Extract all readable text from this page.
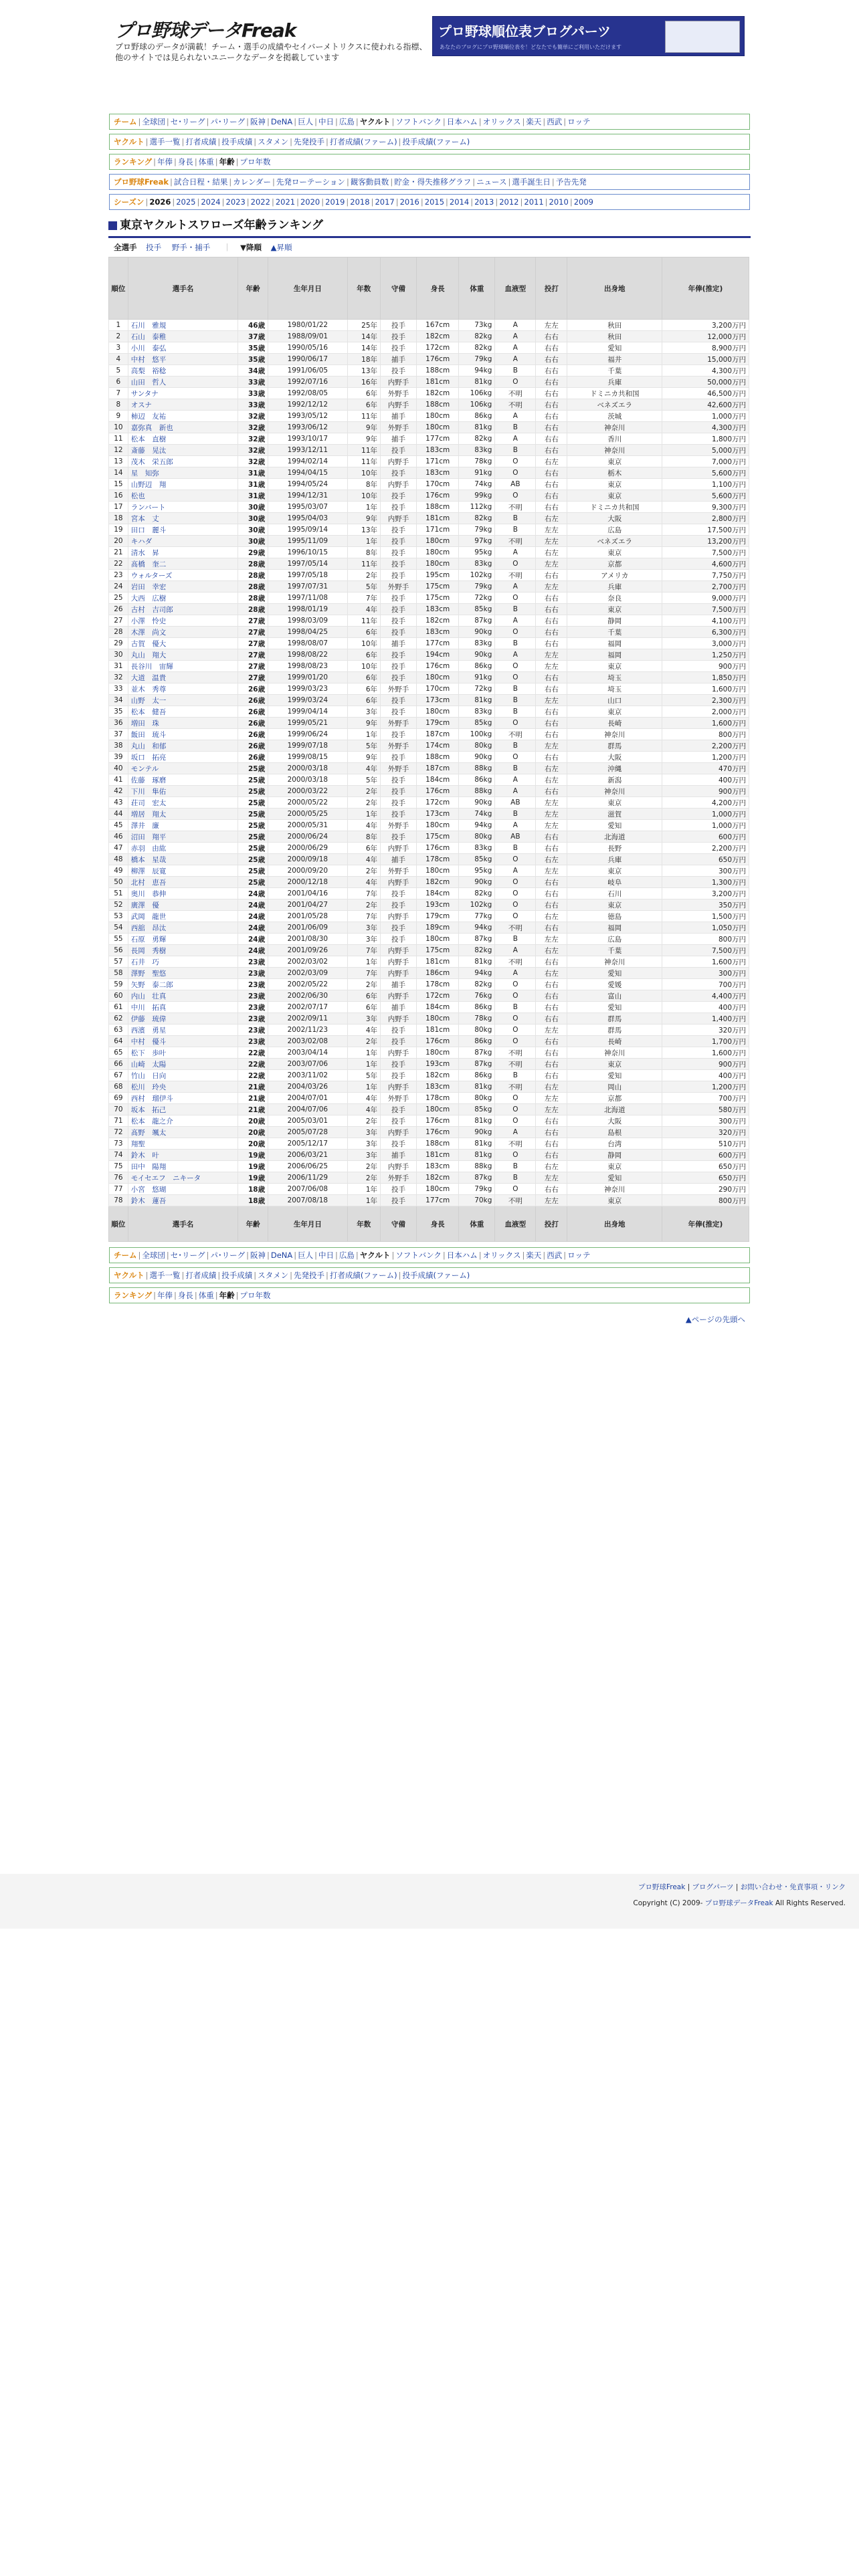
プロ野球データFreak
プロ野球のデータが満載！チーム・選手の成績やセイバーメトリクスに使われる指標、他のサイトでは見られないユニークなデータを掲載しています
プロ野球順位表ブログパーツ
あなたのブログにプロ野球順位表を！どなたでも簡単にご利用いただけます
チーム | 全球団 | セ･リーグ | パ･リーグ | 阪神 | DeNA | 巨人 | 中日 | 広島 | ヤクルト | ソフトバンク | 日本ハム | オリックス | 楽天 | 西武 | ロッテ
ヤクルト | 選手一覧 | 打者成績 | 投手成績 | スタメン | 先発投手 | 打者成績(ファーム) | 投手成績(ファーム)
ランキング | 年俸 | 身長 | 体重 | 年齢 | プロ年数
プロ野球Freak | 試合日程・結果 | カレンダー | 先発ローテーション | 観客動員数 | 貯金・得失推移グラフ | ニュース | 選手誕生日 | 予告先発
シーズン | 2026 | 2025 | 2024 | 2023 | 2022 | 2021 | 2020 | 2019 | 2018 | 2017 | 2016 | 2015 | 2014 | 2013 | 2012 | 2011 | 2010 | 2009
東京ヤクルトスワローズ年齢ランキング
全選手 投手 野手・捕手 ｜ ▼降順 ▲昇順
順位	選手名	年齢	生年月日	年数	守備	身長	体重	血液型	投打	出身地	年俸(推定)
1	石川　雅規	46歳	1980/01/22	25年	投手	167cm	73kg	A	左左	秋田	3,200万円
2	石山　泰稚	37歳	1988/09/01	14年	投手	182cm	82kg	A	右右	秋田	12,000万円
3	小川　泰弘	35歳	1990/05/16	14年	投手	172cm	82kg	A	右右	愛知	8,900万円
4	中村　悠平	35歳	1990/06/17	18年	捕手	176cm	79kg	A	右右	福井	15,000万円
5	高梨　裕稔	34歳	1991/06/05	13年	投手	188cm	94kg	B	右右	千葉	4,300万円
6	山田　哲人	33歳	1992/07/16	16年	内野手	181cm	81kg	O	右右	兵庫	50,000万円
7	サンタナ	33歳	1992/08/05	6年	外野手	182cm	106kg	不明	右右	ドミニカ共和国	46,500万円
8	オスナ	33歳	1992/12/12	6年	内野手	188cm	106kg	不明	右右	ベネズエラ	42,600万円
9	柿辺　友祐	32歳	1993/05/12	11年	捕手	180cm	86kg	A	右右	茨城	1,000万円
10	嘉弥真　新也	32歳	1993/06/12	9年	外野手	180cm	81kg	B	右右	神奈川	4,300万円
11	松本　直樹	32歳	1993/10/17	9年	捕手	177cm	82kg	A	右右	香川	1,800万円
12	斎藤　晃汰	32歳	1993/12/11	11年	投手	183cm	83kg	B	右右	神奈川	5,000万円
13	茂木　栄五郎	32歳	1994/02/14	11年	内野手	171cm	78kg	O	右左	東京	7,000万円
14	星　知弥	31歳	1994/04/15	10年	投手	183cm	91kg	O	右右	栃木	5,600万円
15	山野辺　翔	31歳	1994/05/24	8年	内野手	170cm	74kg	AB	右右	東京	1,100万円
16	松也	31歳	1994/12/31	10年	投手	176cm	99kg	O	右右	東京	5,600万円
17	ランバート	30歳	1995/03/07	1年	投手	188cm	112kg	不明	右右	ドミニカ共和国	9,300万円
18	宮本　丈	30歳	1995/04/03	9年	内野手	181cm	82kg	B	右左	大阪	2,800万円
19	田口　麗斗	30歳	1995/09/14	13年	投手	171cm	79kg	B	左左	広島	17,500万円
20	キハダ	30歳	1995/11/09	1年	投手	180cm	97kg	不明	左左	ベネズエラ	13,200万円
21	清水　昇	29歳	1996/10/15	8年	投手	180cm	95kg	A	右左	東京	7,500万円
22	髙橋　奎二	28歳	1997/05/14	11年	投手	180cm	83kg	O	左左	京都	4,600万円
23	ウォルターズ	28歳	1997/05/18	2年	投手	195cm	102kg	不明	右右	アメリカ	7,750万円
24	岩田　幸宏	28歳	1997/07/31	5年	外野手	175cm	79kg	A	左左	兵庫	2,700万円
25	大西　広樹	28歳	1997/11/08	7年	投手	175cm	72kg	O	右右	奈良	9,000万円
26	古村　吉司郎	28歳	1998/01/19	4年	投手	183cm	85kg	B	右右	東京	7,500万円
27	小澤　怜史	27歳	1998/03/09	11年	投手	182cm	87kg	A	右右	静岡	4,100万円
28	木澤　尚文	27歳	1998/04/25	6年	投手	183cm	90kg	O	右右	千葉	6,300万円
29	古賀　優大	27歳	1998/08/07	10年	捕手	177cm	83kg	B	右右	福岡	3,000万円
30	丸山　翔大	27歳	1998/08/22	6年	投手	194cm	90kg	A	左左	福岡	1,250万円
31	長谷川　宙輝	27歳	1998/08/23	10年	投手	176cm	86kg	O	左左	東京	900万円
32	大道　温貴	27歳	1999/01/20	6年	投手	180cm	91kg	O	右右	埼玉	1,850万円
33	並木　秀尊	26歳	1999/03/23	6年	外野手	170cm	72kg	B	右右	埼玉	1,600万円
34	山野　太一	26歳	1999/03/24	6年	投手	173cm	81kg	B	左左	山口	2,300万円
35	松本　健吾	26歳	1999/04/14	3年	投手	180cm	83kg	B	右右	東京	2,000万円
36	増田　珠	26歳	1999/05/21	9年	外野手	179cm	85kg	O	右右	長崎	1,600万円
37	飯田　琉斗	26歳	1999/06/24	1年	投手	187cm	100kg	不明	右右	神奈川	800万円
38	丸山　和郁	26歳	1999/07/18	5年	外野手	174cm	80kg	B	左左	群馬	2,200万円
39	坂口　拓亮	26歳	1999/08/15	9年	投手	188cm	90kg	O	右右	大阪	1,200万円
40	モンテル	25歳	2000/03/18	4年	外野手	187cm	88kg	B	右左	沖縄	470万円
41	佐藤　琢磨	25歳	2000/03/18	5年	投手	184cm	86kg	A	右左	新潟	400万円
42	下川　隼佑	25歳	2000/03/22	2年	投手	176cm	88kg	A	右右	神奈川	900万円
43	荘司　宏太	25歳	2000/05/22	2年	投手	172cm	90kg	AB	左左	東京	4,200万円
44	増居　翔太	25歳	2000/05/25	1年	投手	173cm	74kg	B	左左	滋賀	1,000万円
45	澤井　廉	25歳	2000/05/31	4年	外野手	180cm	94kg	A	左左	愛知	1,000万円
46	沼田　翔平	25歳	2000/06/24	8年	投手	175cm	80kg	AB	右右	北海道	600万円
47	赤羽　由紘	25歳	2000/06/29	6年	内野手	176cm	83kg	B	右右	長野	2,200万円
48	橋本　星哉	25歳	2000/09/18	4年	捕手	178cm	85kg	O	右左	兵庫	650万円
49	柳澤　辰寛	25歳	2000/09/20	2年	外野手	180cm	95kg	A	左左	東京	300万円
50	北村　恵吾	25歳	2000/12/18	4年	内野手	182cm	90kg	O	右右	岐阜	1,300万円
51	奥川　恭伸	24歳	2001/04/16	7年	投手	184cm	82kg	O	右右	石川	3,200万円
52	廣澤　優	24歳	2001/04/27	2年	投手	193cm	102kg	O	右右	東京	350万円
53	武岡　龍世	24歳	2001/05/28	7年	内野手	179cm	77kg	O	右左	徳島	1,500万円
54	西舘　昂汰	24歳	2001/06/09	3年	投手	189cm	94kg	不明	右右	福岡	1,050万円
55	石原　勇輝	24歳	2001/08/30	3年	投手	180cm	87kg	B	左左	広島	800万円
56	長岡　秀樹	24歳	2001/09/26	7年	内野手	175cm	82kg	A	右左	千葉	7,500万円
57	石井　巧	23歳	2002/03/02	1年	内野手	181cm	81kg	不明	右右	神奈川	1,600万円
58	澤野　聖悠	23歳	2002/03/09	7年	内野手	186cm	94kg	A	右左	愛知	300万円
59	矢野　泰二郎	23歳	2002/05/22	2年	捕手	178cm	82kg	O	右右	愛媛	700万円
60	内山　壮真	23歳	2002/06/30	6年	内野手	172cm	76kg	O	右右	富山	4,400万円
61	中川　拓真	23歳	2002/07/17	6年	捕手	184cm	86kg	B	右右	愛知	400万円
62	伊藤　琉偉	23歳	2002/09/11	3年	内野手	180cm	78kg	O	右右	群馬	1,400万円
63	西濱　勇星	23歳	2002/11/23	4年	投手	181cm	80kg	O	左左	群馬	320万円
64	中村　優斗	23歳	2003/02/08	2年	投手	176cm	86kg	O	右右	長崎	1,700万円
65	松下　歩叶	22歳	2003/04/14	1年	内野手	180cm	87kg	不明	右右	神奈川	1,600万円
66	山崎　太陽	22歳	2003/07/06	1年	投手	193cm	87kg	不明	右右	東京	900万円
67	竹山　日向	22歳	2003/11/02	5年	投手	182cm	86kg	B	右右	愛知	400万円
68	松川　玲央	21歳	2004/03/26	1年	内野手	183cm	81kg	不明	右左	岡山	1,200万円
69	西村　瑠伊斗	21歳	2004/07/01	4年	外野手	178cm	80kg	O	左左	京都	700万円
70	坂本　拓己	21歳	2004/07/06	4年	投手	180cm	85kg	O	左左	北海道	580万円
71	松本　龍之介	20歳	2005/03/01	2年	投手	176cm	81kg	O	右右	大阪	300万円
72	髙野　颯太	20歳	2005/07/28	3年	内野手	176cm	90kg	A	右右	島根	320万円
73	翔聖	20歳	2005/12/17	3年	投手	188cm	81kg	不明	右右	台湾	510万円
74	鈴木　叶	19歳	2006/03/21	3年	捕手	181cm	81kg	O	右右	静岡	600万円
75	田中　陽翔	19歳	2006/06/25	2年	内野手	183cm	88kg	B	右左	東京	650万円
76	モイセエフ　ニキータ	19歳	2006/11/29	2年	外野手	182cm	87kg	B	左左	愛知	650万円
77	小宮　悠瑚	18歳	2007/06/08	1年	投手	180cm	79kg	O	右右	神奈川	290万円
78	鈴木　蓮吾	18歳	2007/08/18	1年	投手	177cm	70kg	不明	左左	東京	800万円
順位	選手名	年齢	生年月日	年数	守備	身長	体重	血液型	投打	出身地	年俸(推定)
チーム | 全球団 | セ･リーグ | パ･リーグ | 阪神 | DeNA | 巨人 | 中日 | 広島 | ヤクルト | ソフトバンク | 日本ハム | オリックス | 楽天 | 西武 | ロッテ
ヤクルト | 選手一覧 | 打者成績 | 投手成績 | スタメン | 先発投手 | 打者成績(ファーム) | 投手成績(ファーム)
ランキング | 年俸 | 身長 | 体重 | 年齢 | プロ年数
▲ページの先頭へ
プロ野球Freak | ブログパーツ | お問い合わせ・免責事項・リンク
Copyright (C) 2009- プロ野球データFreak All Rights Reserved.
